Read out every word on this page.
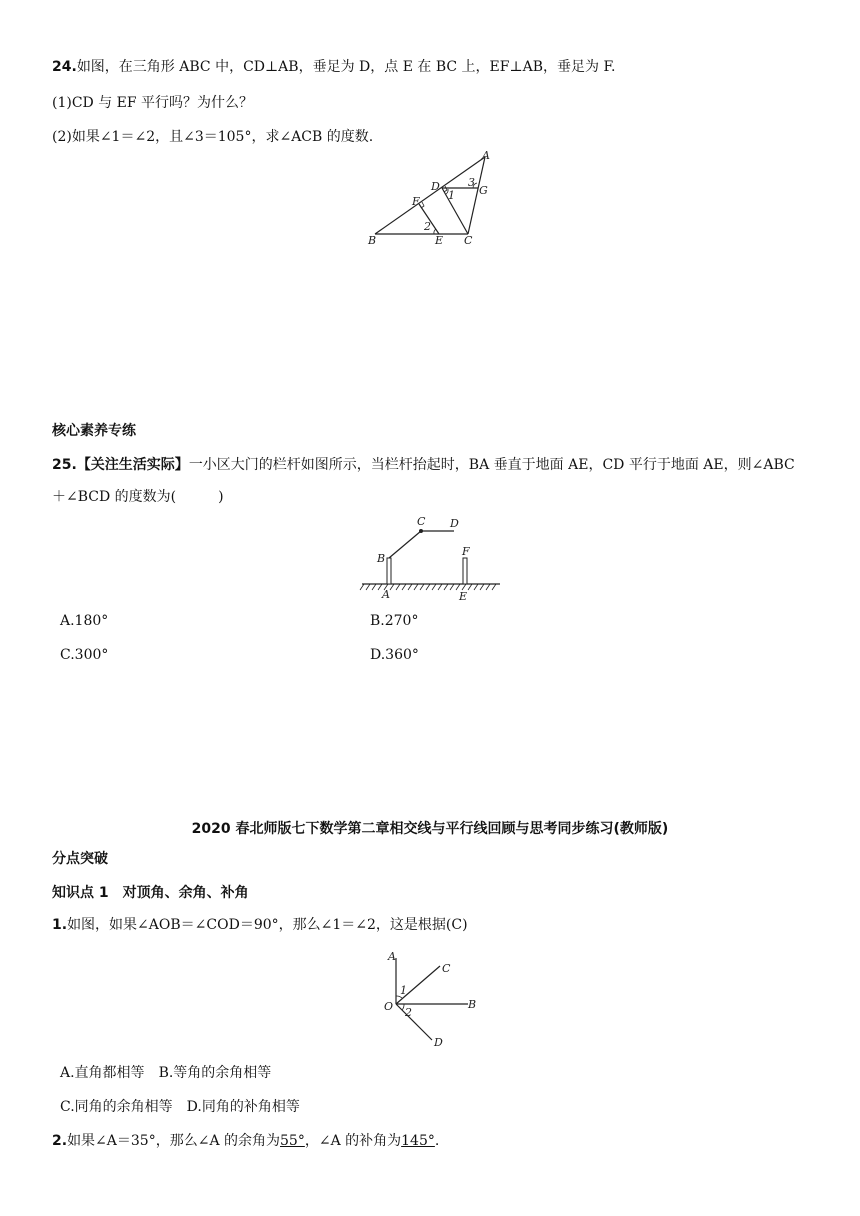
24.如图，在三角形 ABC 中，CD⊥AB，垂足为 D，点 E 在 BC 上，EF⊥AB，垂足为 F.
(1)CD 与 EF 平行吗？为什么？
(2)如果∠1＝∠2，且∠3＝105°，求∠ACB 的度数.
A
B	C
D
E
F
G
1
2
3
核心素养专练
25.【关注生活实际】一小区大门的栏杆如图所示，当栏杆抬起时，BA 垂直于地面 AE，CD 平行于地面 AE，则∠ABC
＋∠BCD 的度数为(　　　)
C D
B
F
A	E
A.180°	B.270°
C.300°	D.360°
2020 春北师版七下数学第二章相交线与平行线回顾与思考同步练习(教师版)
分点突破
知识点 1　对顶角、余角、补角
1.如图，如果∠AOB＝∠COD＝90°，那么∠1＝∠2，这是根据(C)
A
C
B
O
D
1
2
A.直角都相等　 B.等角的余角相等
C.同角的余角相等　 D.同角的补角相等
2.如果∠A＝35°，那么∠A 的余角为55°，∠A 的补角为145°.
